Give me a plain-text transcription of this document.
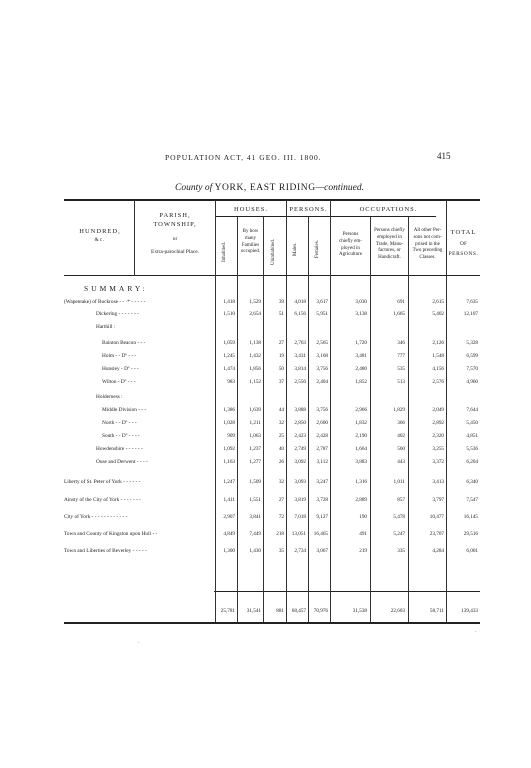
POPULATION ACT, 41 GEO. III. 1800.	415
County of YORK, EAST RIDING—continued.
HUNDRED,
&c.
PARISH,
TOWNSHIP,
or
Extra-parochial Place.
HOUSES.	PERSONS.	OCCUPATIONS.
Inhabited.
By how
many
Families
occupied.	Uninhabited.	Males.	Females.
Persons
chiefly em-
ployed in
Agriculture
Persons chiefly
employed in
Trade, Manu-
factures, or
Handicraft.
All other Per-
sons not com-
prised in the
Two preceding
Classes.
TOTAL
OF
PERSONS.
SUMMARY:
(Wapentake) of Buckrose - - ·* - - - - -	1,418	1,529	39	4,018	3,617	3,030	691	2,615	7,635
Dickering - - - - - - -	1,510	2,654	51	6,156	5,951	3,138	1,665	5,402	12,107
Harthill :
Bainton Beacon - - -	1,059	1,138	27	2,763	2,565	1,720	346	2,126	5,328
Holm - - Dº - - -	1,245	1,432	19	3,431	3,168	3,481	777	1,548	6,599
Hunsley - Dº - - -	1,474	1,856	50	3,814	3,756	2,480	535	4,156	7,570
Wilton - Dº - - -	983	1,152	37	2,556	2,404	1,852	513	2,576	4,960
Holderness :
Middle Division - - -	1,386	1,639	44	3,888	3,756	2,966	1,829	2,049	7,644
North - - Dº - - -	1,028	1,211	32	2,850	2,600	1,832	366	2,892	5,450
South - - Dº - - - -	909	1,063	25	2,423	2,428	2,190	402	2,320	4,851
Howdenshire - - - - - -	1,092	1,237	40	2,749	2,787	1,664	560	3,255	5,536
Ouse and Derwent - - - -	1,163	1,277	26	3,092	3,112	3,883	443	3,372	6,204
Liberty of St. Peter of York - - - - - -	1,247	1,509	32	3,093	3,247	1,316	1,011	3,413	6,340
Ainsty of the City of York - - - - - - -	1,411	1,551	27	3,819	3,728	2,889	857	3,797	7,547
City of York - - - - - - - - - - - -	2,907	3,841	72	7,018	9,127	190	5,478	10,477	16,145
Town and County of Kingston upon Hull - -	4,849	7,449	218	13,051	16,465	491	5,247	23,707	29,516
Town and Liberties of Beverley - - - - -	1,300	1,430	35	2,734	3,067	219	335	4,284	6,001
25,781	31,541	881	68,457	70,976	31,538	22,603	58,711	139,433
·
·
